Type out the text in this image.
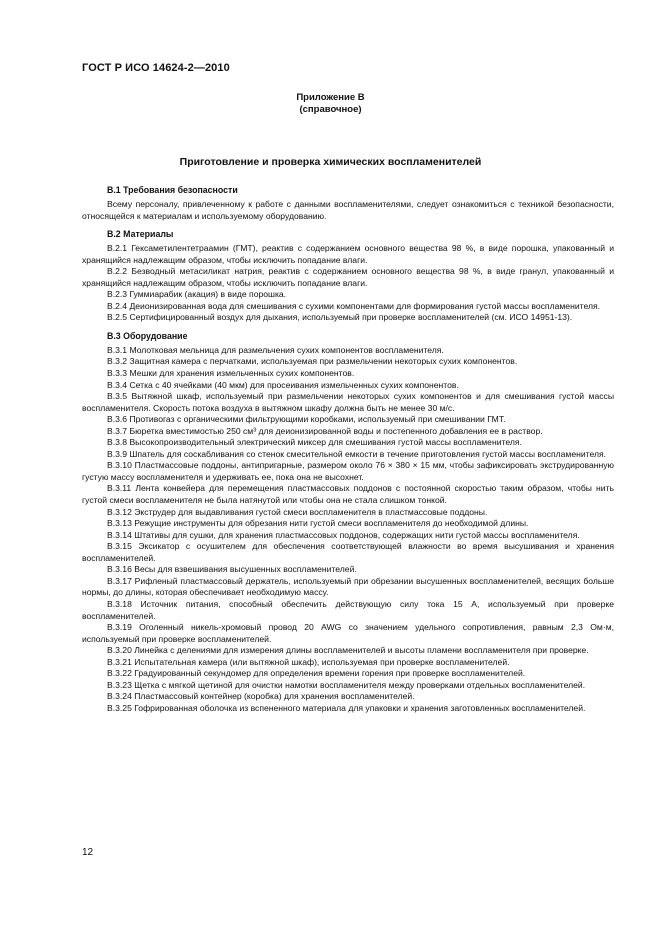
ГОСТ Р ИСО 14624-2—2010
Приложение В
(справочное)
Приготовление и проверка химических воспламенителей
В.1 Требования безопасности

Всему персоналу, привлеченному к работе с данными воспламенителями, следует ознакомиться с техникой безопасности, относящейся к материалам и используемому оборудованию.

В.2 Материалы

В.2.1 Гексаметилентетраамин (ГМТ), реактив с содержанием основного вещества 98 %, в виде порошка, упакованный и хранящийся надлежащим образом, чтобы исключить попадание влаги.

В.2.2 Безводный метасиликат натрия, реактив с содержанием основного вещества 98 %, в виде гранул, упакованный и хранящийся надлежащим образом, чтобы исключить попадание влаги.

В.2.3 Гуммиарабик (акация) в виде порошка.

В.2.4 Деионизированная вода для смешивания с сухими компонентами для формирования густой массы воспламенителя.

В.2.5 Сертифицированный воздух для дыхания, используемый при проверке воспламенителей (см. ИСО 14951-13).

В.3 Оборудование

В.3.1 Молотковая мельница для размельчения сухих компонентов воспламенителя.

В.3.2 Защитная камера с перчатками, используемая при размельчении некоторых сухих компонентов.

В.3.3 Мешки для хранения измельченных сухих компонентов.

В.3.4 Сетка с 40 ячейками (40 мкм) для просеивания измельченных сухих компонентов.

В.3.5 Вытяжной шкаф, используемый при размельчении некоторых сухих компонентов и для смешивания густой массы воспламенителя. Скорость потока воздуха в вытяжном шкафу должна быть не менее 30 м/с.

В.3.6 Противогаз с органическими фильтрующими коробками, используемый при смешивании ГМТ.

В.3.7 Бюретка вместимостью 250 см³ для деионизированной воды и постепенного добавления ее в раствор.

В.3.8 Высокопроизводительный электрический миксер для смешивания густой массы воспламенителя.

В.3.9 Шпатель для соскабливания со стенок смесительной емкости в течение приготовления густой массы воспламенителя.

В.3.10 Пластмассовые поддоны, антипригарные, размером около 76 × 380 × 15 мм, чтобы зафиксировать экструдированную густую массу воспламенителя и удерживать ее, пока она не высохнет.

В.3.11 Лента конвейера для перемещения пластмассовых поддонов с постоянной скоростью таким образом, чтобы нить густой смеси воспламенителя не была натянутой или чтобы она не стала слишком тонкой.

В.3.12 Экструдер для выдавливания густой смеси воспламенителя в пластмассовые поддоны.

В.3.13 Режущие инструменты для обрезания нити густой смеси воспламенителя до необходимой длины.

В.3.14 Штативы для сушки, для хранения пластмассовых поддонов, содержащих нити густой массы воспламенителя.

В.3.15 Эксикатор с осушителем для обеспечения соответствующей влажности во время высушивания и хранения воспламенителей.

В.3.16 Весы для взвешивания высушенных воспламенителей.

В.3.17 Рифленый пластмассовый держатель, используемый при обрезании высушенных воспламенителей, весящих больше нормы, до длины, которая обеспечивает необходимую массу.

В.3.18 Источник питания, способный обеспечить действующую силу тока 15 А, используемый при проверке воспламенителей.

В.3.19 Оголенный никель-хромовый провод 20 AWG со значением удельного сопротивления, равным 2,3 Ом·м, используемый при проверке воспламенителей.

В.3.20 Линейка с делениями для измерения длины воспламенителей и высоты пламени воспламенителя при проверке.

В.3.21 Испытательная камера (или вытяжной шкаф), используемая при проверке воспламенителей.

В.3.22 Градуированный секундомер для определения времени горения при проверке воспламенителей.

В.3.23 Щетка с мягкой щетиной для очистки намотки воспламенителя между проверками отдельных воспламенителей.

В.3.24 Пластмассовый контейнер (коробка) для хранения воспламенителей.

В.3.25 Гофрированная оболочка из вспененного материала для упаковки и хранения заготовленных воспламенителей.

12
